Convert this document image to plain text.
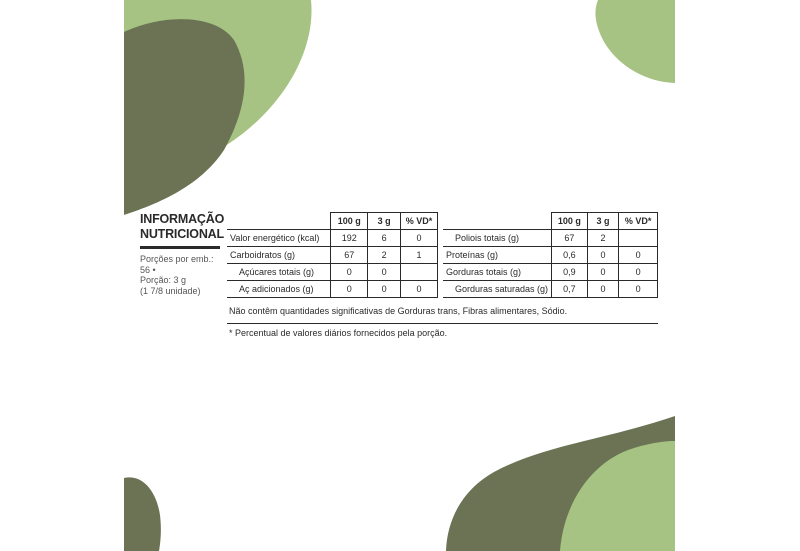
INFORMAÇÃO
NUTRICIONAL
Porções por emb.:
56 •
Porção: 3 g
(1 7/8 unidade)
	100 g	3 g	% VD*
Valor energético (kcal)	192	6	0
Carboidratos (g)	67	2	1
Açúcares totais (g)	0	0	
Aç adicionados (g)	0	0	0
	100 g	3 g	% VD*
Poliois totais (g)	67	2	
Proteínas (g)	0,6	0	0
Gorduras totais (g)	0,9	0	0
Gorduras saturadas (g)	0,7	0	0
Não contêm quantidades significativas de Gorduras trans, Fibras alimentares, Sódio.
* Percentual de valores diários fornecidos pela porção.
